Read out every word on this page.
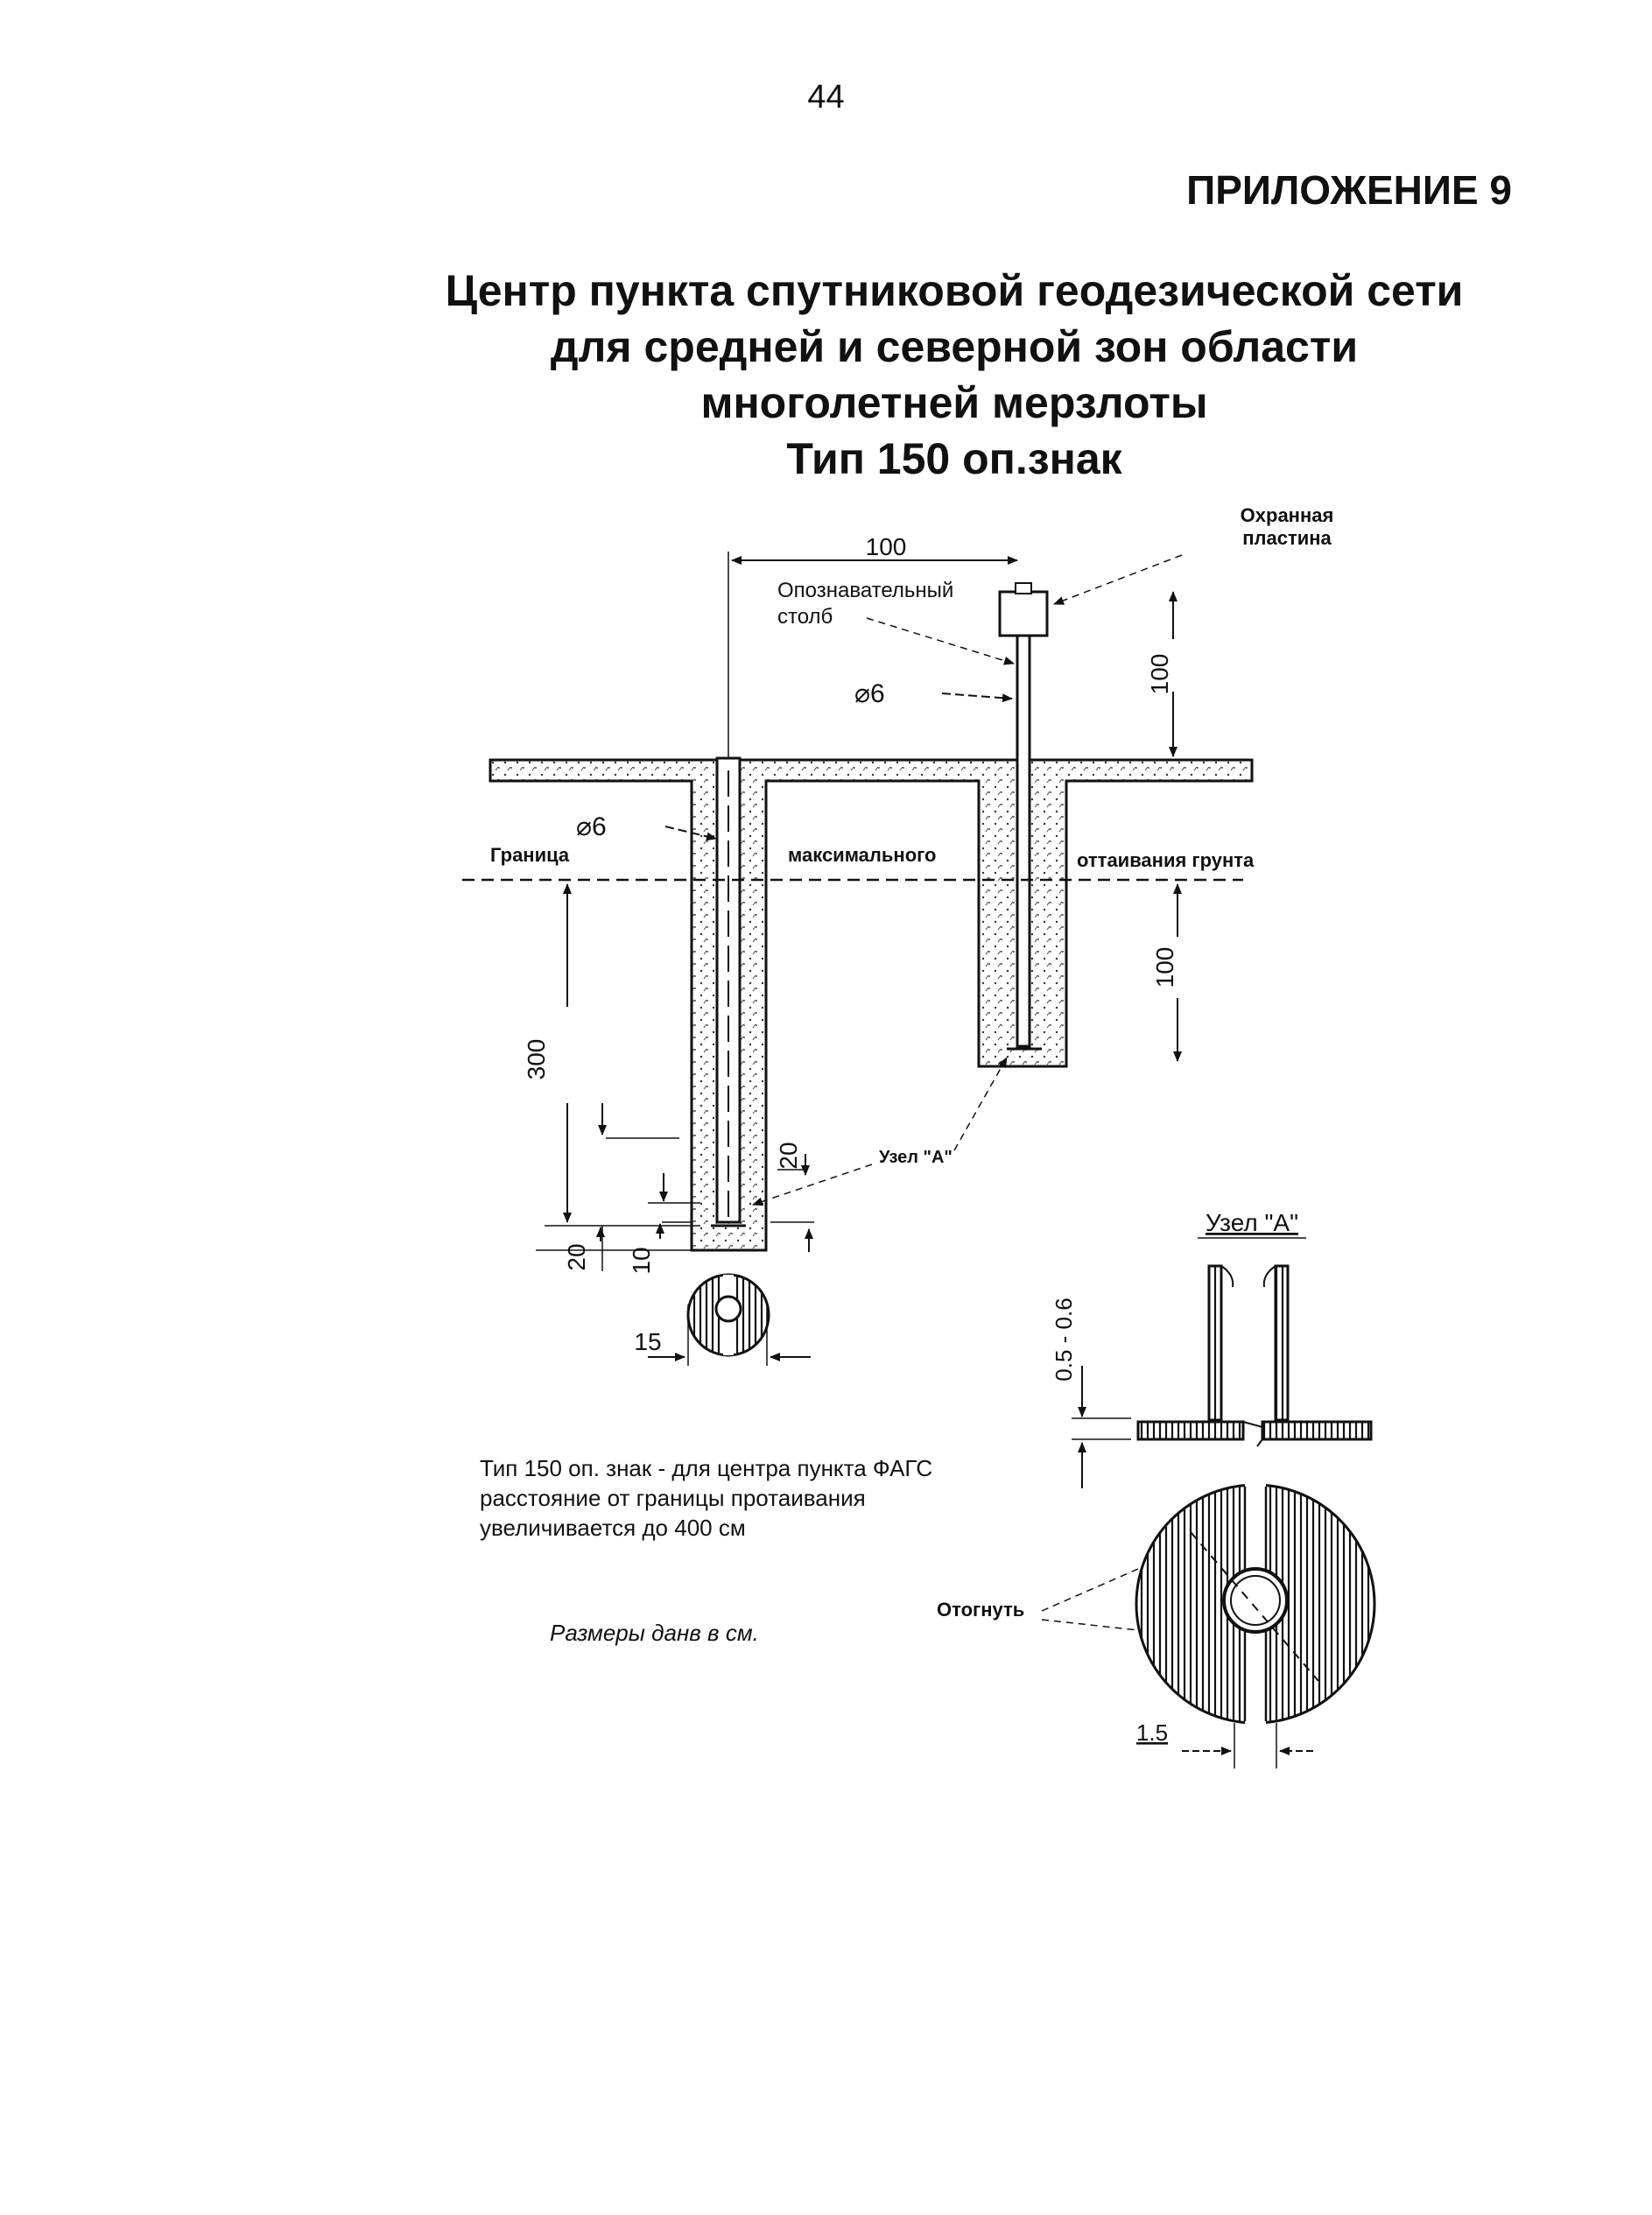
44
ПРИЛОЖЕНИЕ 9
Центр пункта спутниковой геодезической сети
для средней и северной зон области
многолетней мерзлоты
Тип 150 оп.знак
100
100
100
300
20
20 10
15
Охранная
пластина
Опознавательный
столб
⌀6
⌀6
Граница	максимального	оттаивания грунта
Узел "А"
Узел "А"
0.5 - 0.6
Отогнуть
1.5
Тип 150 оп. знак - для центра пункта ФАГС
расстояние от границы протаивания
увеличивается до 400 см
Размеры данв в см.
